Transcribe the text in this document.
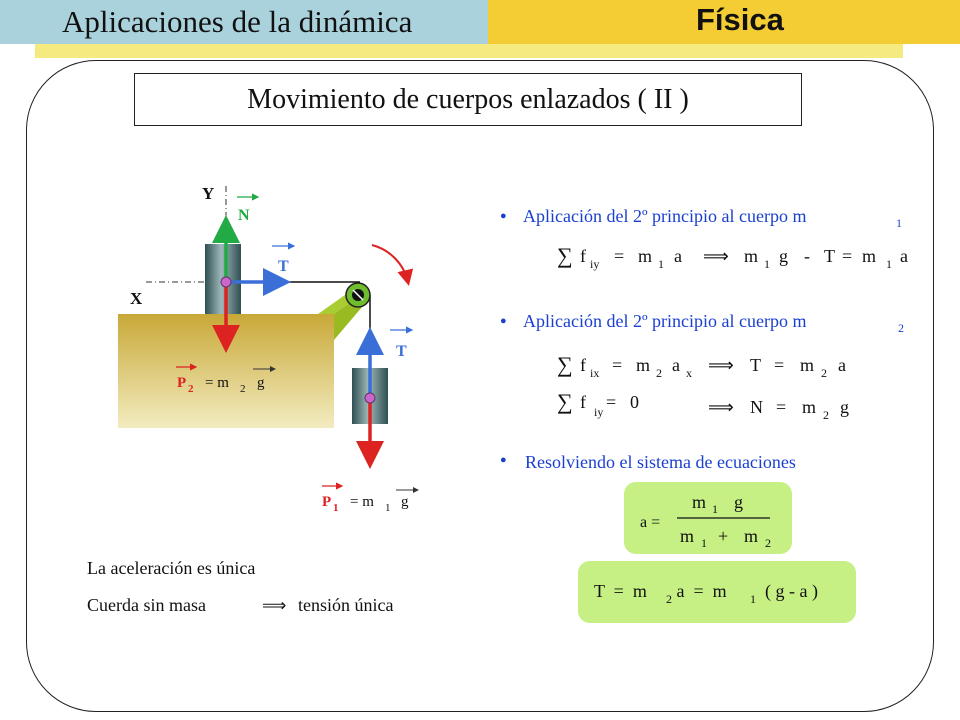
Aplicaciones de la dinámica	Física
Movimiento de cuerpos enlazados ( II )
Y
X
N
T
T
P 2 = m 2 g
P 1 = m 1 g
La aceleración es única
Cuerda sin masa	⟹ tensión única
● Aplicación del 2º principio al cuerpo m	1
∑ f iy = m 1 a ⟹ m 1 g - T = m 1 a
● Aplicación del 2º principio al cuerpo m	2
∑ f ix = m 2 a x ⟹ T = m 2 a
∑ f iy = 0	⟹ N = m 2 g
● Resolviendo el sistema de ecuaciones
a =
m 1 g
m 1 + m 2
T  =  m 2 a  =  m 1 ( g - a )
